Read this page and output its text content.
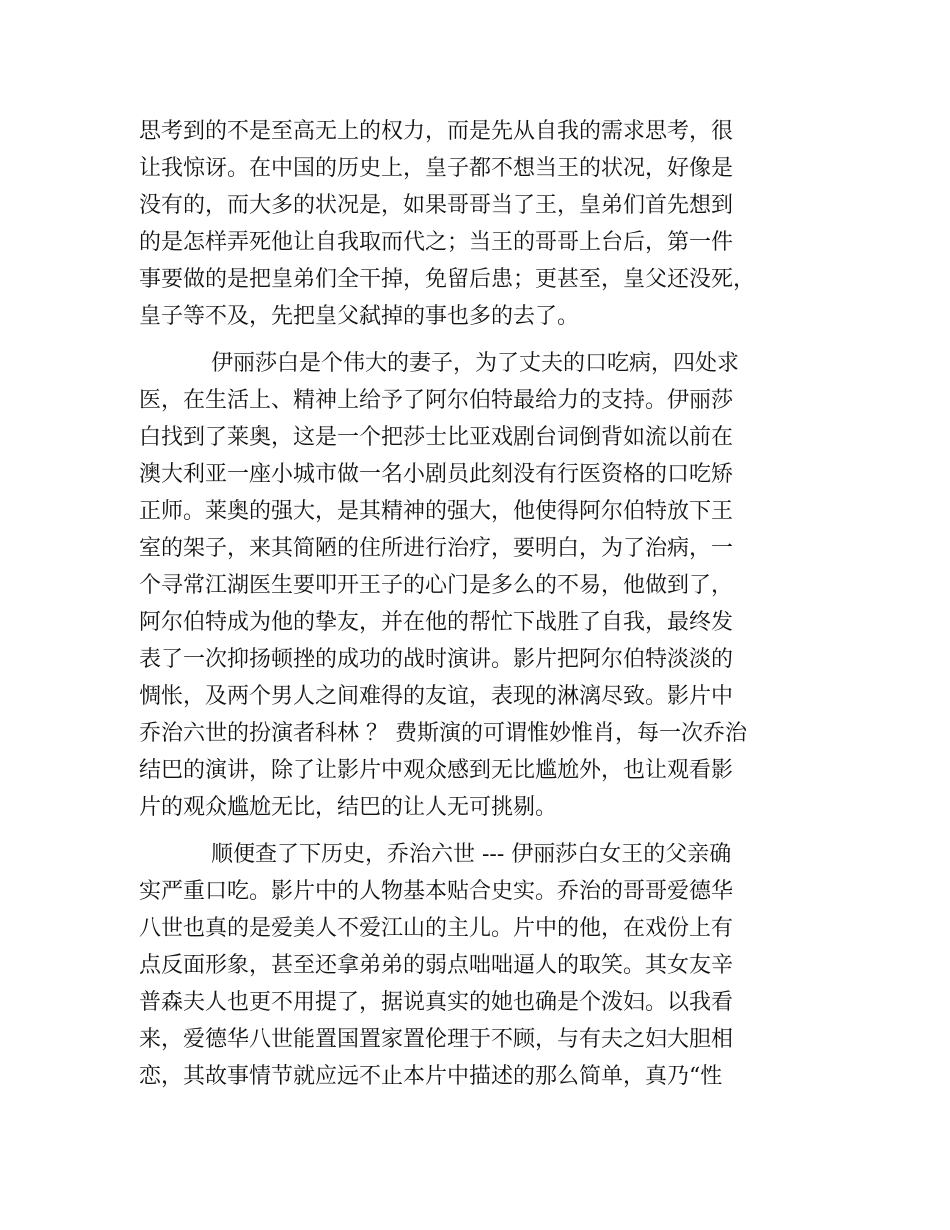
思考到的不是至高无上的权力，而是先从自我的需求思考，很
让我惊讶。在中国的历史上，皇子都不想当王的状况，好像是
没有的，而大多的状况是，如果哥哥当了王，皇弟们首先想到
的是怎样弄死他让自我取而代之；当王的哥哥上台后，第一件
事要做的是把皇弟们全干掉，免留后患；更甚至，皇父还没死，
皇子等不及，先把皇父弑掉的事也多的去了。
伊丽莎白是个伟大的妻子，为了丈夫的口吃病，四处求
医，在生活上、精神上给予了阿尔伯特最给力的支持。伊丽莎
白找到了莱奥，这是一个把莎士比亚戏剧台词倒背如流以前在
澳大利亚一座小城市做一名小剧员此刻没有行医资格的口吃矫
正师。莱奥的强大，是其精神的强大，他使得阿尔伯特放下王
室的架子，来其简陋的住所进行治疗，要明白，为了治病，一
个寻常江湖医生要叩开王子的心门是多么的不易，他做到了，
阿尔伯特成为他的挚友，并在他的帮忙下战胜了自我，最终发
表了一次抑扬顿挫的成功的战时演讲。影片把阿尔伯特淡淡的
惆怅，及两个男人之间难得的友谊，表现的淋漓尽致。影片中
乔治六世的扮演者科林 ？ 费斯演的可谓惟妙惟肖，每一次乔治
结巴的演讲，除了让影片中观众感到无比尴尬外，也让观看影
片的观众尴尬无比，结巴的让人无可挑剔。
顺便查了下历史，乔治六世 --- 伊丽莎白女王的父亲确
实严重口吃。影片中的人物基本贴合史实。乔治的哥哥爱德华
八世也真的是爱美人不爱江山的主儿。片中的他，在戏份上有
点反面形象，甚至还拿弟弟的弱点咄咄逼人的取笑。其女友辛
普森夫人也更不用提了，据说真实的她也确是个泼妇。以我看
来，爱德华八世能置国置家置伦理于不顾，与有夫之妇大胆相
恋，其故事情节就应远不止本片中描述的那么简单，真乃“性
